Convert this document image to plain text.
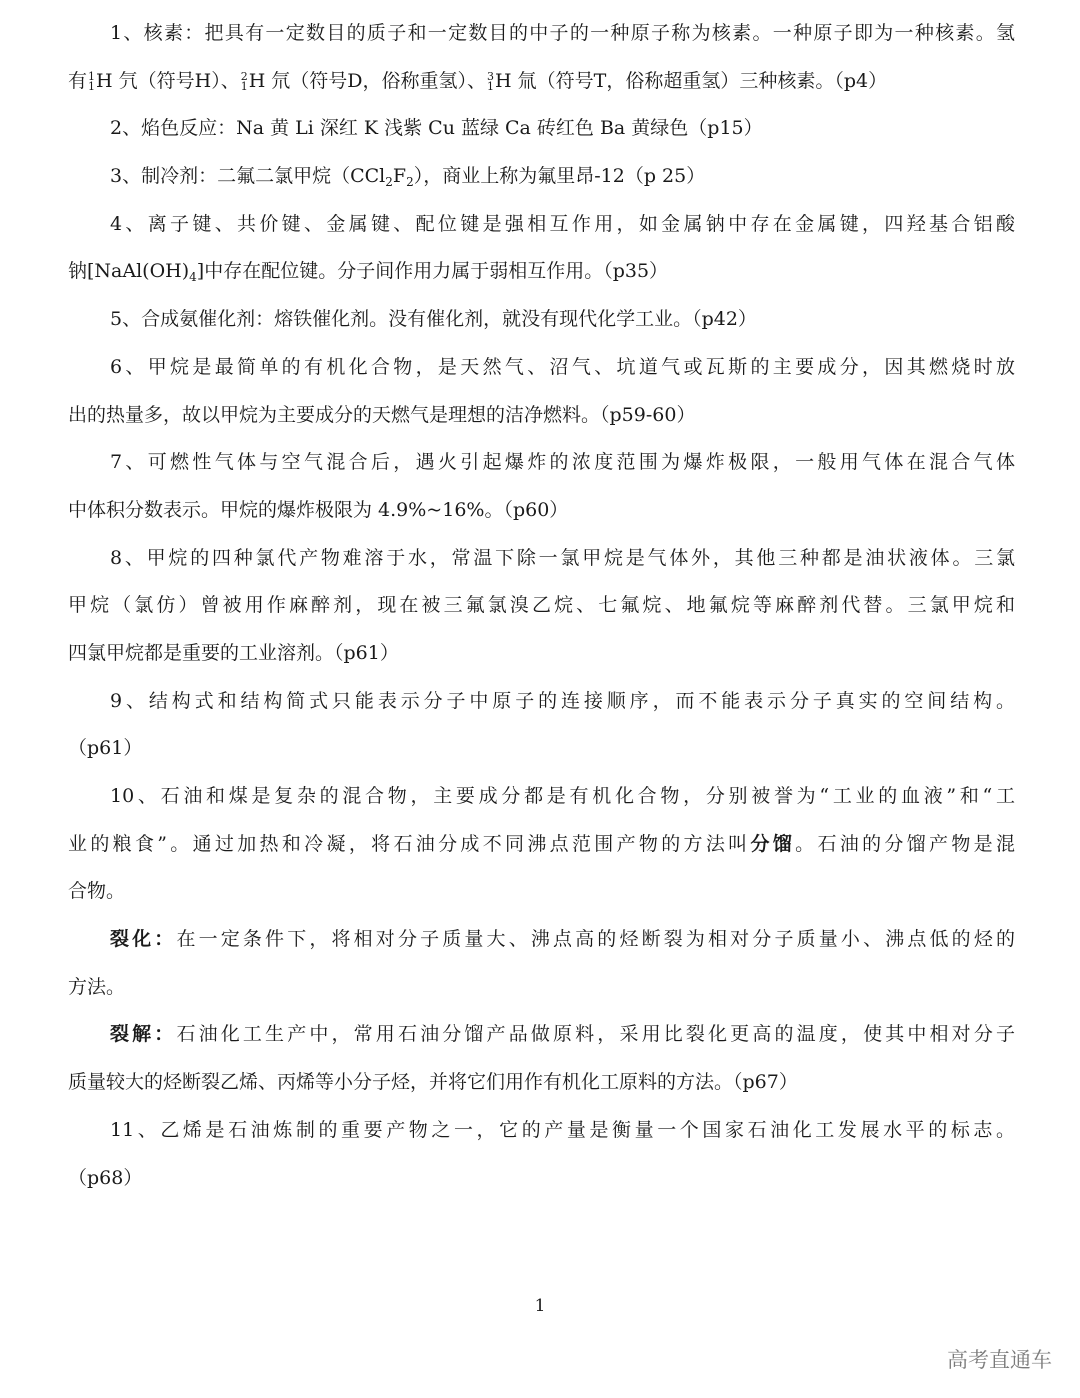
1、核素：把具有一定数目的质子和一定数目的中子的一种原子称为核素。一种原子即为一种核素。氢
有 1
1 H 氕（符号H）、 2
1 H 氘（符号D，俗称重氢）、 3
1 H 氚（符号T，俗称超重氢）三种核素。（p4）
2、焰色反应：Na 黄 Li 深红 K 浅紫 Cu 蓝绿 Ca 砖红色 Ba 黄绿色（p15）
3、制冷剂：二氟二氯甲烷$(CCl_2F_2)$，商业上称为氟里昂-12（p 25）
4、离子键、共价键、金属键、配位键是强相互作用，如金属钠中存在金属键，四羟基合铝酸
钠$[NaAl(OH)_4]$中存在配位键。分子间作用力属于弱相互作用。（p35）
5、合成氨催化剂：熔铁催化剂。没有催化剂，就没有现代化学工业。（p42）
6、甲烷是最简单的有机化合物，是天然气、沼气、坑道气或瓦斯的主要成分，因其燃烧时放
出的热量多，故以甲烷为主要成分的天燃气是理想的洁净燃料。（p59-60）
7、可燃性气体与空气混合后，遇火引起爆炸的浓度范围为爆炸极限，一般用气体在混合气体
中体积分数表示。甲烷的爆炸极限为 4.9%~16%。（p60）
8、甲烷的四种氯代产物难溶于水，常温下除一氯甲烷是气体外，其他三种都是油状液体。三氯
甲烷（氯仿）曾被用作麻醉剂，现在被三氟氯溴乙烷、七氟烷、地氟烷等麻醉剂代替。三氯甲烷和
四氯甲烷都是重要的工业溶剂。（p61）
9、结构式和结构简式只能表示分子中原子的连接顺序，而不能表示分子真实的空间结构。
（p61）
10、石油和煤是复杂的混合物，主要成分都是有机化合物，分别被誉为“工业的血液”和“工
业的粮食”。通过加热和冷凝，将石油分成不同沸点范围产物的方法叫分馏。石油的分馏产物是混
合物。
裂化：在一定条件下，将相对分子质量大、沸点高的烃断裂为相对分子质量小、沸点低的烃的
方法。
裂解：石油化工生产中，常用石油分馏产品做原料，采用比裂化更高的温度，使其中相对分子
质量较大的烃断裂乙烯、丙烯等小分子烃，并将它们用作有机化工原料的方法。（p67）
11、乙烯是石油炼制的重要产物之一，它的产量是衡量一个国家石油化工发展水平的标志。
（p68）
1
高考直通车
